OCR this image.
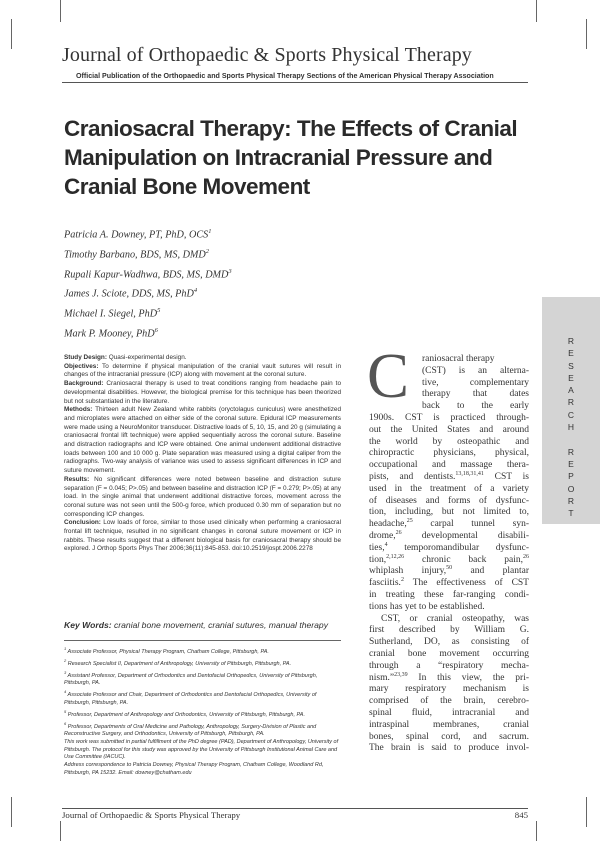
Journal of Orthopaedic & Sports Physical Therapy
Official Publication of the Orthopaedic and Sports Physical Therapy Sections of the American Physical Therapy Association
Craniosacral Therapy: The Effects of Cranial Manipulation on Intracranial Pressure and Cranial Bone Movement
Patricia A. Downey, PT, PhD, OCS$^1$
Timothy Barbano, BDS, MS, DMD$^2$
Rupali Kapur-Wadhwa, BDS, MS, DMD$^3$
James J. Sciote, DDS, MS, PhD$^4$
Michael I. Siegel, PhD$^5$
Mark P. Mooney, PhD$^6$
R
E
S
E
A
R
C
H

R
E
P
O
R
T

Study Design: Quasi-experimental design.

Objectives: To determine if physical manipulation of the cranial vault sutures will result in changes of the intracranial pressure (ICP) along with movement at the coronal suture.

Background: Craniosacral therapy is used to treat conditions ranging from headache pain to developmental disabilities. However, the biological premise for this technique has been theorized but not substantiated in the literature.

Methods: Thirteen adult New Zealand white rabbits (oryctolagus cuniculus) were anesthetized and microplates were attached on either side of the coronal suture. Epidural ICP measurements were made using a NeuroMonitor transducer. Distractive loads of 5, 10, 15, and 20 g (simulating a craniosacral frontal lift technique) were applied sequentially across the coronal suture. Baseline and distraction radiographs and ICP were obtained. One animal underwent additional distractive loads between 100 and 10 000 g. Plate separation was measured using a digital caliper from the radiographs. Two-way analysis of variance was used to assess significant differences in ICP and suture movement.

Results: No significant differences were noted between baseline and distraction suture separation (F = 0.045; P>.05) and between baseline and distraction ICP (F = 0.279; P>.05) at any load. In the single animal that underwent additional distractive forces, movement across the coronal suture was not seen until the 500-g force, which produced 0.30 mm of separation but no corresponding ICP changes.

Conclusion: Low loads of force, similar to those used clinically when performing a craniosacral frontal lift technique, resulted in no significant changes in coronal suture movement or ICP in rabbits. These results suggest that a different biological basis for craniosacral therapy should be explored. J Orthop Sports Phys Ther 2006;36(11):845-853. doi:10.2519/jospt.2006.2278

Key Words: cranial bone movement, cranial sutures, manual therapy

$^1$ Associate Professor, Physical Therapy Program, Chatham College, Pittsburgh, PA.

$^2$ Research Specialist II, Department of Anthropology, University of Pittsburgh, Pittsburgh, PA.

$^3$ Assistant Professor, Department of Orthodontics and Dentofacial Orthopedics, University of Pittsburgh, Pittsburgh, PA.

$^4$ Associate Professor and Chair, Department of Orthodontics and Dentofacial Orthopedics, University of Pittsburgh, Pittsburgh, PA.

$^5$ Professor, Department of Anthropology and Orthodontics, University of Pittsburgh, Pittsburgh, PA.

$^6$ Professor, Departments of Oral Medicine and Pathology, Anthropology, Surgery-Division of Plastic and Reconstructive Surgery, and Orthodontics, University of Pittsburgh, Pittsburgh, PA.

This work was submitted in partial fulfillment of the PhD degree (PAD), Department of Anthropology, University of Pittsburgh. The protocol for this study was approved by the University of Pittsburgh Institutional Animal Care and Use Committee (IACUC).

Address correspondence to Patricia Downey, Physical Therapy Program, Chatham College, Woodland Rd, Pittsburgh, PA 15232. Email: downey@chatham.edu

C	raniosacral therapy
(CST) is an alterna-
tive, complementary
therapy that dates
back to the early
1900s. CST is practiced through-
out the United States and around
the world by osteopathic and
chiropractic physicians, physical,
occupational and massage thera-
pists, and dentists.$^{13,18,31,41}$ CST is
used in the treatment of a variety
of diseases and forms of dysfunc-
tion, including, but not limited to,
headache,$^{25}$ carpal tunnel syn-
drome,$^{26}$ developmental disabili-
ties,$^4$ temporomandibular dysfunc-
tion,$^{2,12,26}$ chronic back pain,$^{26}$
whiplash injury,$^{50}$ and plantar
fasciitis.$^2$ The effectiveness of CST
in treating these far-ranging condi-
tions has yet to be established.
CST, or cranial osteopathy, was
first described by William G.
Sutherland, DO, as consisting of
cranial bone movement occurring
through a “respiratory mecha-
nism.”$^{23,39}$ In this view, the pri-
mary respiratory mechanism is
comprised of the brain, cerebro-
spinal fluid, intracranial and
intraspinal membranes, cranial
bones, spinal cord, and sacrum.
The brain is said to produce invol-
Journal of Orthopaedic & Sports Physical Therapy	845
